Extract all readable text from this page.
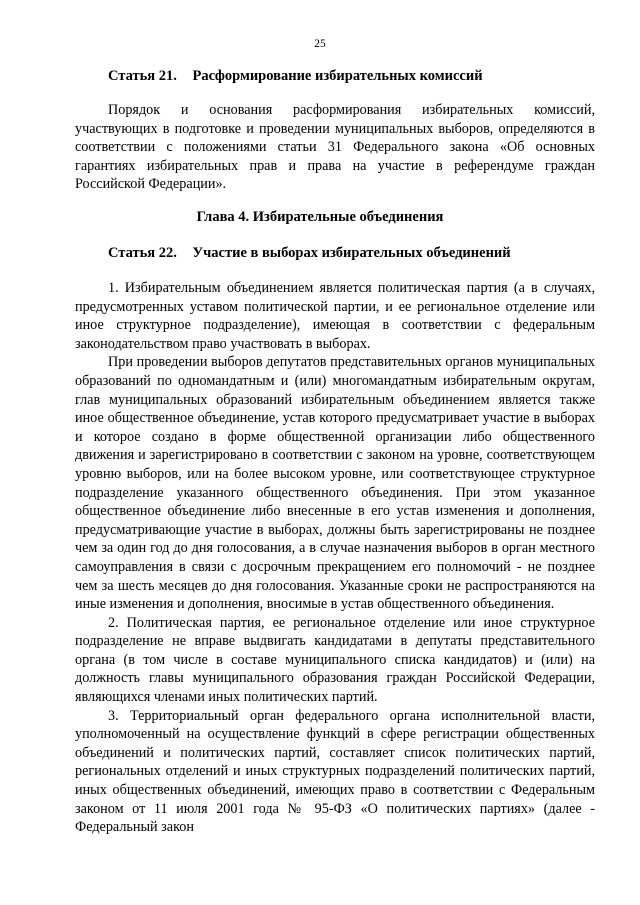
25
Статья 21. Расформирование избирательных комиссий

Порядок и основания расформирования избирательных комиссий, участвующих в подготовке и проведении муниципальных выборов, определяются в соответствии с положениями статьи 31 Федерального закона «Об основных гарантиях избирательных прав и права на участие в референдуме граждан Российской Федерации».

Глава 4. Избирательные объединения
Статья 22. Участие в выборах избирательных объединений

1. Избирательным объединением является политическая партия (а в случаях, предусмотренных уставом политической партии, и ее региональное отделение или иное структурное подразделение), имеющая в соответствии с федеральным законодательством право участвовать в выборах.

При проведении выборов депутатов представительных органов муниципальных образований по одномандатным и (или) многомандатным избирательным округам, глав муниципальных образований избирательным объединением является также иное общественное объединение, устав которого предусматривает участие в выборах и которое создано в форме общественной организации либо общественного движения и зарегистрировано в соответствии с законом на уровне, соответствующем уровню выборов, или на более высоком уровне, или соответствующее структурное подразделение указанного общественного объединения. При этом указанное общественное объединение либо внесенные в его устав изменения и дополнения, предусматривающие участие в выборах, должны быть зарегистрированы не позднее чем за один год до дня голосования, а в случае назначения выборов в орган местного самоуправления в связи с досрочным прекращением его полномочий - не позднее чем за шесть месяцев до дня голосования. Указанные сроки не распространяются на иные изменения и дополнения, вносимые в устав общественного объединения.

2. Политическая партия, ее региональное отделение или иное структурное подразделение не вправе выдвигать кандидатами в депутаты представительного органа (в том числе в составе муниципального списка кандидатов) и (или) на должность главы муниципального образования граждан Российской Федерации, являющихся членами иных политических партий.

3. Территориальный орган федерального органа исполнительной власти, уполномоченный на осуществление функций в сфере регистрации общественных объединений и политических партий, составляет список политических партий, региональных отделений и иных структурных подразделений политических партий, иных общественных объединений, имеющих право в соответствии с Федеральным законом от 11 июля 2001 года № 95-ФЗ «О политических партиях» (далее - Федеральный закон
